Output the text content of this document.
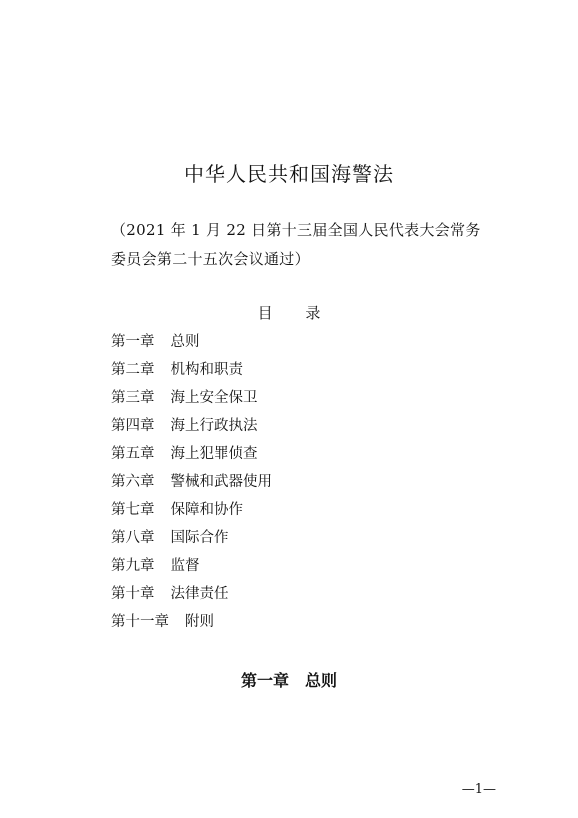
中华人民共和国海警法
（2021 年 1 月 22 日第十三届全国人民代表大会常务委员会第二十五次会议通过）
目 录
第一章 总则
第二章 机构和职责
第三章 海上安全保卫
第四章 海上行政执法
第五章 海上犯罪侦查
第六章 警械和武器使用
第七章 保障和协作
第八章 国际合作
第九章 监督
第十章 法律责任
第十一章 附则
第一章 总则
—1—
